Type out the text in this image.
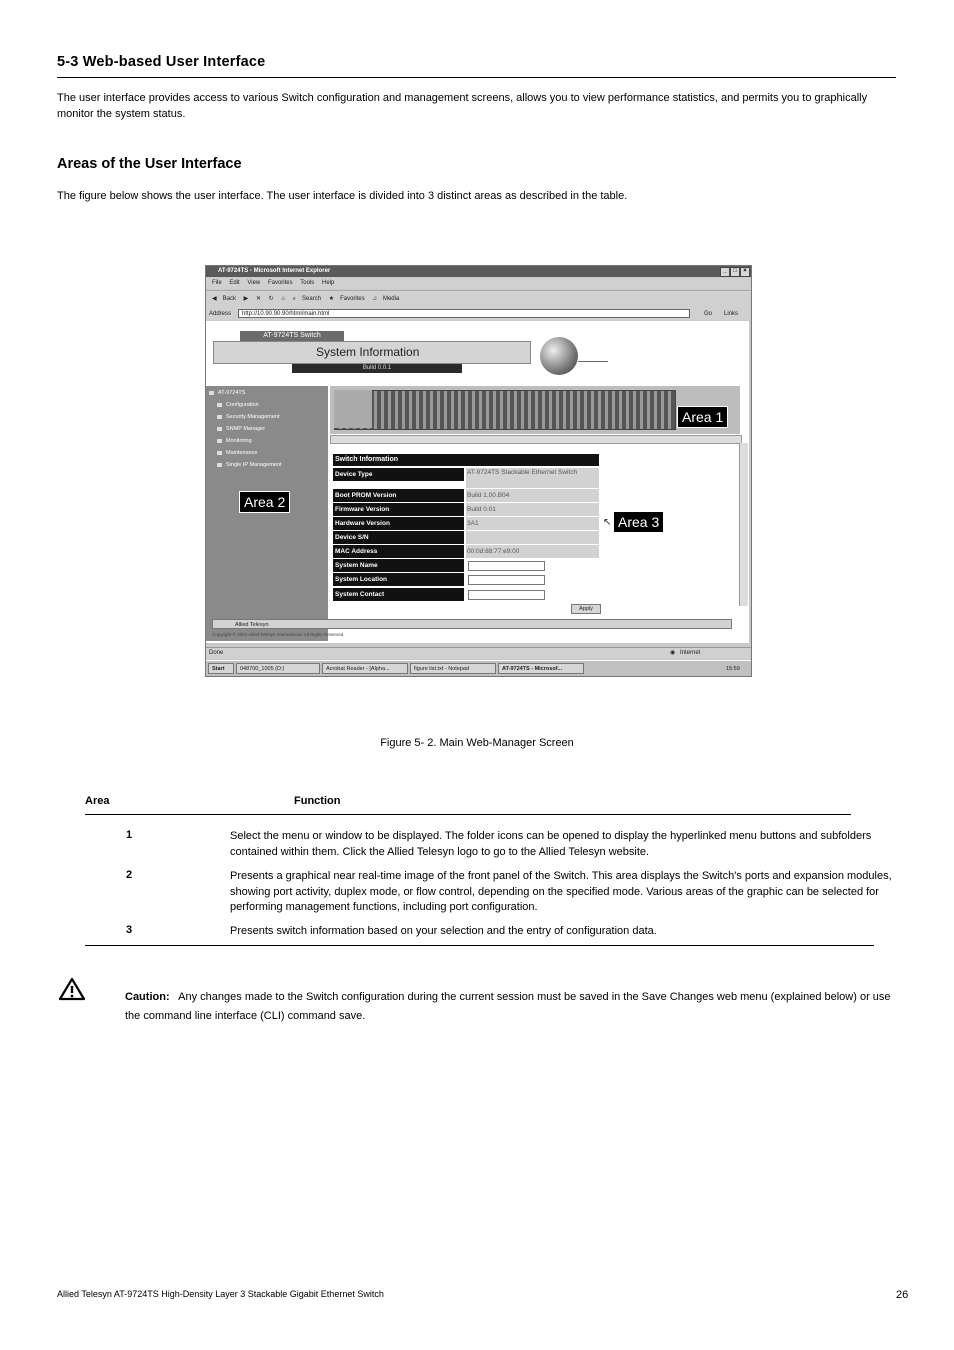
5-3 Web-based User Interface
The user interface provides access to various Switch configuration and management screens, allows you to view performance statistics, and permits you to graphically monitor the system status.
Areas of the User Interface
The figure below shows the user interface. The user interface is divided into 3 distinct areas as described in the table.
AT-9724TS - Microsoft Internet Explorer	_	□	×
File Edit View Favorites Tools Help
◀ Back ▶ ✕ ↻ ⌂ ⌕ Search ★ Favorites ♫ Media
Address	http://10.90.90.90/html/main.html	Go Links
AT-9724TS Switch
System Information
Build 0.0.1
AT-9724TS
Configuration
Security Management
SNMP Manager
Monitoring
Maintenance
Single IP Management
Area 2
Area 1
Switch Information
Device Type	AT-9724TS Stackable Ethernet Switch
Boot PROM Version	Build 1.00.B04
Firmware Version	Build 0.01
Hardware Version	3A1
Device S/N
MAC Address	00:0d:88:77:e9:00
System Name
System Location
System Contact
Apply
↖ Area 3
Allied Telesyn
Copyright © 2004 Allied Telesyn International. All Rights Reserved.
Done	◉ Internet
Start	048700_1005 (D:)	Acrobat Reader - [Alpha...	figure list.txt - Notepad	AT-9724TS - Microsof...	15:59
Figure 5- 2. Main Web-Manager Screen
Area	Function
1	Select the menu or window to be displayed. The folder icons can be opened to display the hyperlinked menu buttons and subfolders contained within them. Click the Allied Telesyn logo to go to the Allied Telesyn website.
2	Presents a graphical near real-time image of the front panel of the Switch. This area displays the Switch's ports and expansion modules, showing port activity, duplex mode, or flow control, depending on the specified mode. Various areas of the graphic can be selected for performing management functions, including port configuration.
3	Presents switch information based on your selection and the entry of configuration data.
Caution: Any changes made to the Switch configuration during the current session must be saved in the Save Changes web menu (explained below) or use the command line interface (CLI) command save.
Allied Telesyn AT-9724TS High-Density Layer 3 Stackable Gigabit Ethernet Switch	26
